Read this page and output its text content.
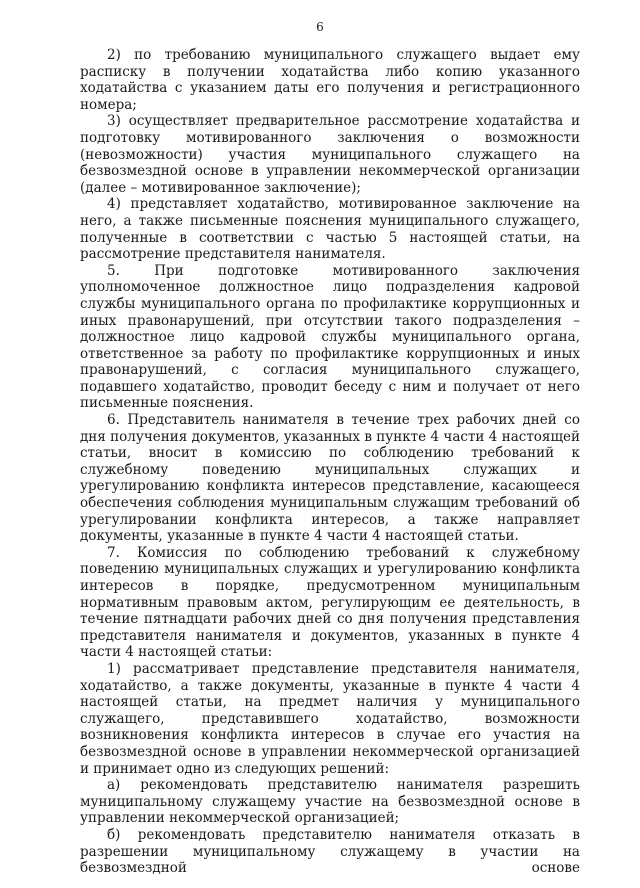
6

2) по требованию муниципального служащего выдает ему расписку в получении ходатайства либо копию указанного ходатайства с указанием даты его получения и регистрационного номера;

3) осуществляет предварительное рассмотрение ходатайства и подготовку мотивированного заключения о возможности (невозможности) участия муниципального служащего на безвозмездной основе в управлении некоммерческой организации (далее – мотивированное заключение);

4) представляет ходатайство, мотивированное заключение на него, а также письменные пояснения муниципального служащего, полученные в соответствии с частью 5 настоящей статьи, на рассмотрение представителя нанимателя.

5. При подготовке мотивированного заключения уполномоченное должностное лицо подразделения кадровой службы муниципального органа по профилактике коррупционных и иных правонарушений, при отсутствии такого подразделения – должностное лицо кадровой службы муниципального органа, ответственное за работу по профилактике коррупционных и иных правонарушений, с согласия муниципального служащего, подавшего ходатайство, проводит беседу с ним и получает от него письменные пояснения.

6. Представитель нанимателя в течение трех рабочих дней со дня получения документов, указанных в пункте 4 части 4 настоящей статьи, вносит в комиссию по соблюдению требований к служебному поведению муниципальных служащих и урегулированию конфликта интересов представление, касающееся обеспечения соблюдения муниципальным служащим требований об урегулировании конфликта интересов, а также направляет документы, указанные в пункте 4 части 4 настоящей статьи.

7. Комиссия по соблюдению требований к служебному поведению муниципальных служащих и урегулированию конфликта интересов в порядке, предусмотренном муниципальным нормативным правовым актом, регулирующим ее деятельность, в течение пятнадцати рабочих дней со дня получения представления представителя нанимателя и документов, указанных в пункте 4 части 4 настоящей статьи:

1) рассматривает представление представителя нанимателя, ходатайство, а также документы, указанные в пункте 4 части 4 настоящей статьи, на предмет наличия у муниципального служащего, представившего ходатайство, возможности возникновения конфликта интересов в случае его участия на безвозмездной основе в управлении некоммерческой организацией и принимает одно из следующих решений:

а) рекомендовать представителю нанимателя разрешить муниципальному служащему участие на безвозмездной основе в управлении некоммерческой организацией;

б) рекомендовать представителю нанимателя отказать в разрешении муниципальному служащему в участии на безвозмездной основе
